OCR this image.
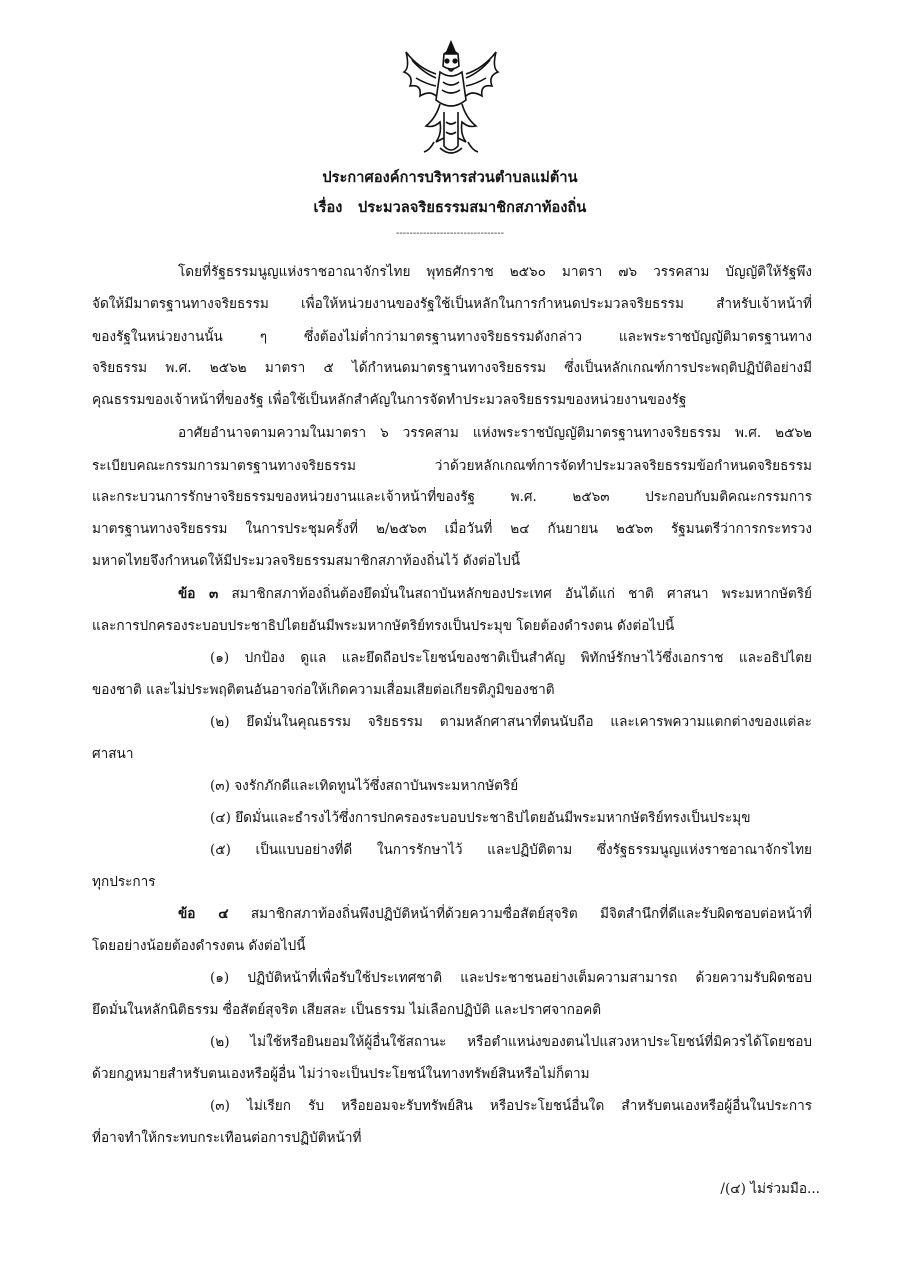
ประกาศองค์การบริหารส่วนตำบลแม่ต้าน
เรื่อง ประมวลจริยธรรมสมาชิกสภาท้องถิ่น
--------------------------------
โดยที่รัฐธรรมนูญแห่งราชอาณาจักรไทย พุทธศักราช ๒๕๖๐ มาตรา ๗๖ วรรคสาม บัญญัติให้รัฐพึง
จัดให้มีมาตรฐานทางจริยธรรม เพื่อให้หน่วยงานของรัฐใช้เป็นหลักในการกำหนดประมวลจริยธรรม สำหรับเจ้าหน้าที่
ของรัฐในหน่วยงานนั้น ๆ ซึ่งต้องไม่ต่ำกว่ามาตรฐานทางจริยธรรมดังกล่าว และพระราชบัญญัติมาตรฐานทาง
จริยธรรม พ.ศ. ๒๕๖๒ มาตรา ๕ ได้กำหนดมาตรฐานทางจริยธรรม ซึ่งเป็นหลักเกณฑ์การประพฤติปฏิบัติอย่างมี
คุณธรรมของเจ้าหน้าที่ของรัฐ เพื่อใช้เป็นหลักสำคัญในการจัดทำประมวลจริยธรรมของหน่วยงานของรัฐ
อาศัยอำนาจตามความในมาตรา ๖ วรรคสาม แห่งพระราชบัญญัติมาตรฐานทางจริยธรรม พ.ศ. ๒๕๖๒
ระเบียบคณะกรรมการมาตรฐานทางจริยธรรม ว่าด้วยหลักเกณฑ์การจัดทำประมวลจริยธรรมข้อกำหนดจริยธรรม
และกระบวนการรักษาจริยธรรมของหน่วยงานและเจ้าหน้าที่ของรัฐ พ.ศ. ๒๕๖๓ ประกอบกับมติคณะกรรมการ
มาตรฐานทางจริยธรรม ในการประชุมครั้งที่ ๒/๒๕๖๓ เมื่อวันที่ ๒๔ กันยายน ๒๕๖๓ รัฐมนตรีว่าการกระทรวง
มหาดไทยจึงกำหนดให้มีประมวลจริยธรรมสมาชิกสภาท้องถิ่นไว้ ดังต่อไปนี้
ข้อ ๓ สมาชิกสภาท้องถิ่นต้องยึดมั่นในสถาบันหลักของประเทศ อันได้แก่ ชาติ ศาสนา พระมหากษัตริย์
และการปกครองระบอบประชาธิปไตยอันมีพระมหากษัตริย์ทรงเป็นประมุข โดยต้องดำรงตน ดังต่อไปนี้
(๑) ปกป้อง ดูแล และยึดถือประโยชน์ของชาติเป็นสำคัญ พิทักษ์รักษาไว้ซึ่งเอกราช และอธิปไตย
ของชาติ และไม่ประพฤติตนอันอาจก่อให้เกิดความเสื่อมเสียต่อเกียรติภูมิของชาติ
(๒) ยึดมั่นในคุณธรรม จริยธรรม ตามหลักศาสนาที่ตนนับถือ และเคารพความแตกต่างของแต่ละ
ศาสนา
(๓) จงรักภักดีและเทิดทูนไว้ซึ่งสถาบันพระมหากษัตริย์
(๔) ยึดมั่นและธำรงไว้ซึ่งการปกครองระบอบประชาธิปไตยอันมีพระมหากษัตริย์ทรงเป็นประมุข
(๕) เป็นแบบอย่างที่ดี ในการรักษาไว้ และปฏิบัติตาม ซึ่งรัฐธรรมนูญแห่งราชอาณาจักรไทย
ทุกประการ
ข้อ ๔ สมาชิกสภาท้องถิ่นพึงปฏิบัติหน้าที่ด้วยความซื่อสัตย์สุจริต มีจิตสำนึกที่ดีและรับผิดชอบต่อหน้าที่
โดยอย่างน้อยต้องดำรงตน ดังต่อไปนี้
(๑) ปฏิบัติหน้าที่เพื่อรับใช้ประเทศชาติ และประชาชนอย่างเต็มความสามารถ ด้วยความรับผิดชอบ
ยึดมั่นในหลักนิติธรรม ซื่อสัตย์สุจริต เสียสละ เป็นธรรม ไม่เลือกปฏิบัติ และปราศจากอคติ
(๒) ไม่ใช้หรือยินยอมให้ผู้อื่นใช้สถานะ หรือตำแหน่งของตนไปแสวงหาประโยชน์ที่มิควรได้โดยชอบ
ด้วยกฎหมายสำหรับตนเองหรือผู้อื่น ไม่ว่าจะเป็นประโยชน์ในทางทรัพย์สินหรือไม่ก็ตาม
(๓) ไม่เรียก รับ หรือยอมจะรับทรัพย์สิน หรือประโยชน์อื่นใด สำหรับตนเองหรือผู้อื่นในประการ
ที่อาจทำให้กระทบกระเทือนต่อการปฏิบัติหน้าที่
/(๔) ไม่ร่วมมือ...
